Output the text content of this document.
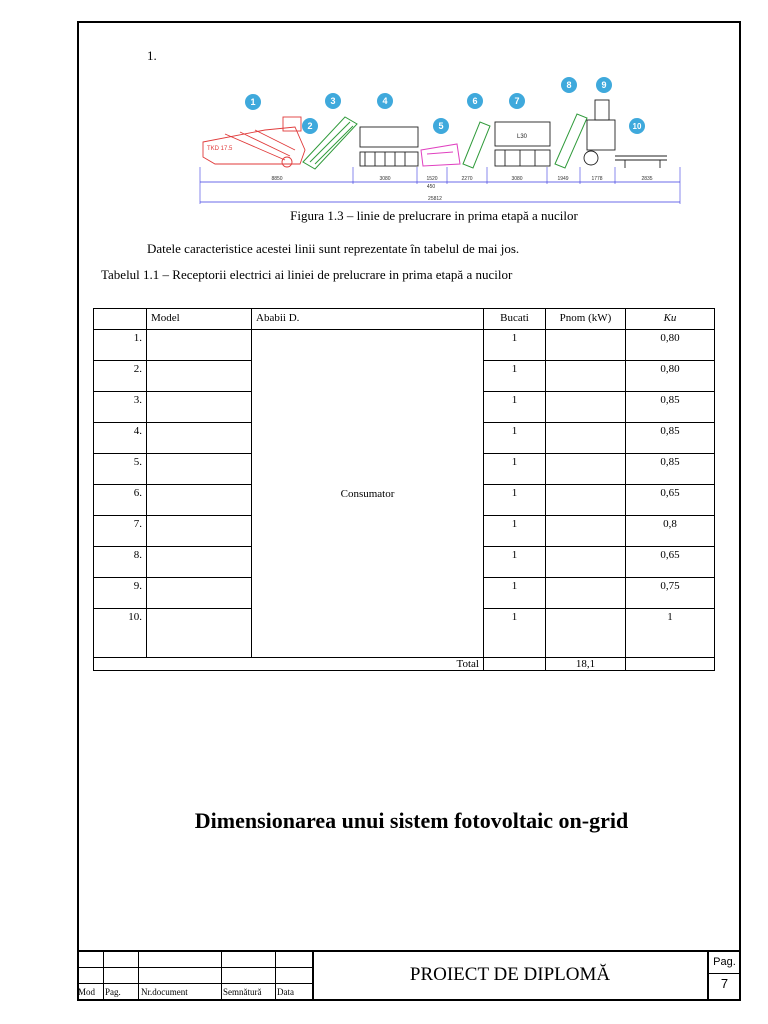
1.
8850	3080	1520	2270	3080	1949	1778	2835
25812
450
TKD 17.5
L30
1
2
3	4
5
6	7
8	9
10
Figura 1.3 – linie de prelucrare in prima etapă a nucilor
Datele caracteristice acestei linii sunt reprezentate în tabelul de mai jos.
Tabelul 1.1 – Receptorii electrici ai liniei de prelucrare in prima etapă a nucilor
	Model	Ababii D.	Bucati	Pnom (kW)	Ku
1.		Consumator	1		0,80
2.			1		0,80
3.			1		0,85
4.			1		0,85
5.			1		0,85
6.			1		0,65
7.			1		0,8
8.			1		0,65
9.			1		0,75
10.			1		1
Total				18,1	
Dimensionarea unui sistem fotovoltaic on-grid
Mod Pag. Nr.document	Semnătură Data
PROIECT DE DIPLOMĂ
Pag.
7
